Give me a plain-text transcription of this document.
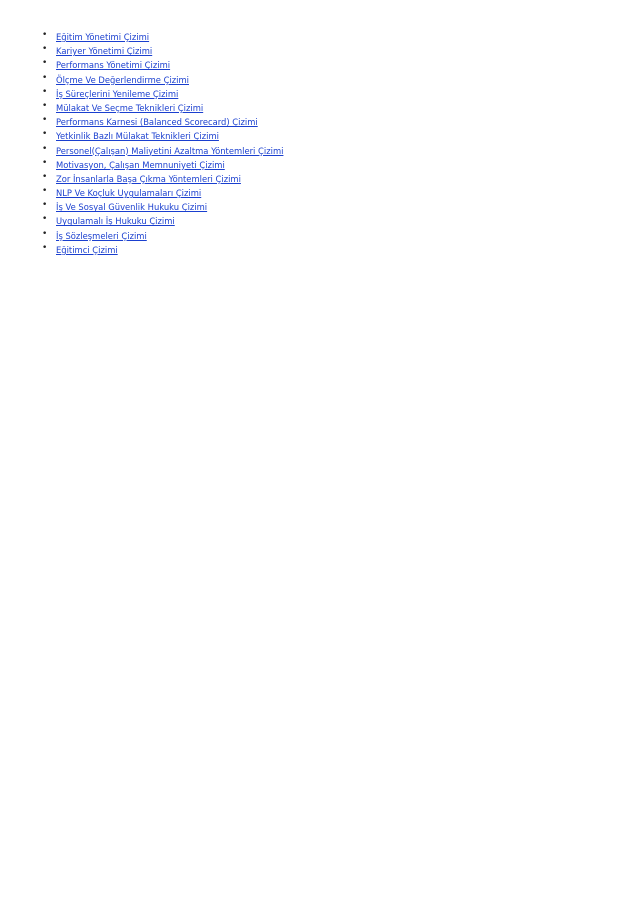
• Eğitim Yönetimi Çizimi
• Kariyer Yönetimi Çizimi
• Performans Yönetimi Çizimi
• Ölçme Ve Değerlendirme Çizimi
• İş Süreçlerini Yenileme Çizimi
• Mülakat Ve Seçme Teknikleri Çizimi
• Performans Karnesi (Balanced Scorecard) Çizimi
• Yetkinlik Bazlı Mülakat Teknikleri Çizimi
• Personel(Çalışan) Maliyetini Azaltma Yöntemleri Çizimi
• Motivasyon, Çalışan Memnuniyeti Çizimi
• Zor İnsanlarla Başa Çıkma Yöntemleri Çizimi
• NLP Ve Koçluk Uygulamaları Çizimi
• İş Ve Sosyal Güvenlik Hukuku Çizimi
• Uygulamalı İş Hukuku Çizimi
• İş Sözleşmeleri Çizimi
• Eğitimci Çizimi
